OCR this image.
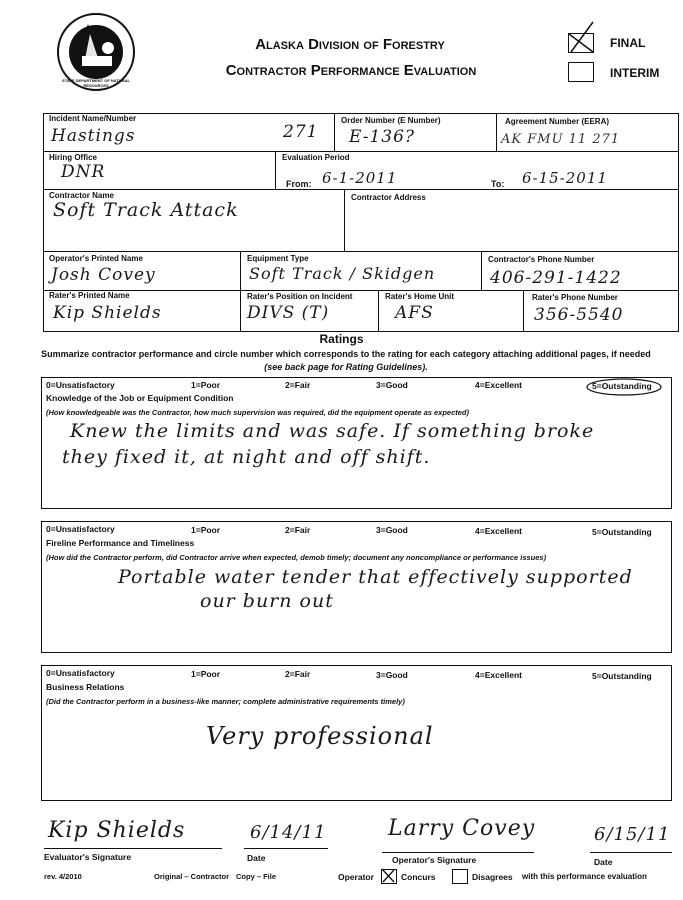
STATE DEPARTMENT OF NATURAL RESOURCES
Alaska Division of Forestry
Contractor Performance Evaluation
FINAL
INTERIM
Incident Name/Number
Hastings	271
Order Number (E Number)
E-136?
Agreement Number (EERA)
AK FMU 11 271
Hiring Office
DNR
Evaluation Period
From: 6-1-2011	To: 6-15-2011
Contractor Name
Soft Track Attack
Contractor Address
Operator's Printed Name
Josh Covey
Equipment Type
Soft Track / Skidgen
Contractor's Phone Number
406-291-1422
Rater's Printed Name
Kip Shields
Rater's Position on Incident
DIVS (T)
Rater's Home Unit
AFS
Rater's Phone Number
356-5540
Ratings
Summarize contractor performance and circle number which corresponds to the rating for each category attaching additional pages, if needed (see back page for Rating Guidelines).
0=Unsatisfactory	1=Poor	2=Fair	3=Good	4=Excellent	5=Outstanding
Knowledge of the Job or Equipment Condition
(How knowledgeable was the Contractor, how much supervision was required, did the equipment operate as expected)
Knew the limits and was safe. If something broke
they fixed it, at night and off shift.
0=Unsatisfactory	1=Poor	2=Fair	3=Good	4=Excellent	5=Outstanding
Fireline Performance and Timeliness
(How did the Contractor perform, did Contractor arrive when expected, demob timely; document any noncompliance or performance issues)
Portable water tender that effectively supported
our burn out
0=Unsatisfactory	1=Poor	2=Fair	3=Good	4=Excellent	5=Outstanding
Business Relations
(Did the Contractor perform in a business-like manner; complete administrative requirements timely)
Very professional
Kip Shields
Evaluator's Signature
6/14/11
Date
Larry Covey
Operator's Signature
6/15/11
Date
rev. 4/2010	Original – Contractor Copy – File	Operator	Concurs	Disagrees with this performance evaluation
